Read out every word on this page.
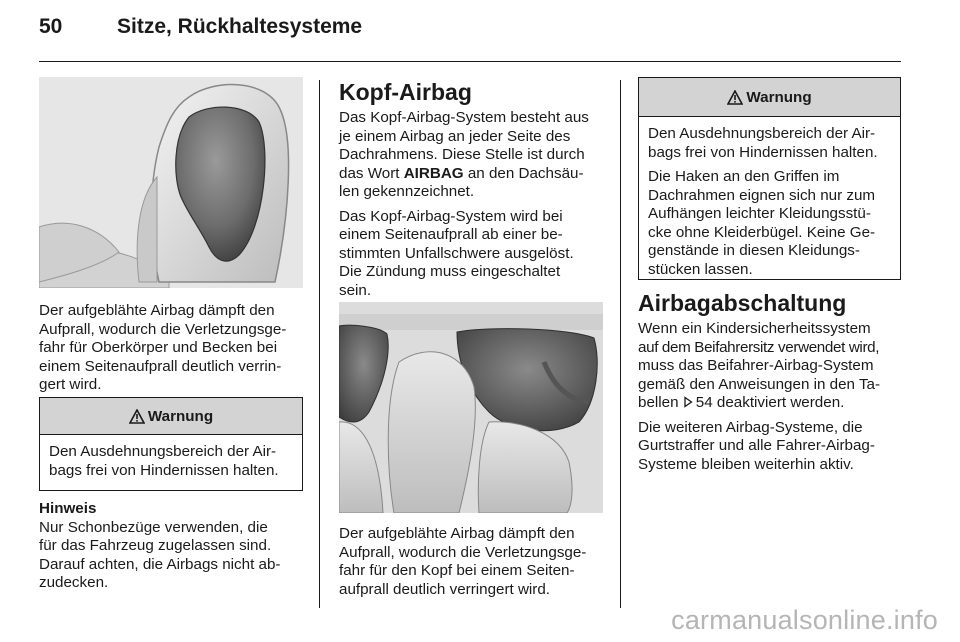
50	Sitze, Rückhaltesysteme
Der aufgeblähte Airbag dämpft den
Aufprall, wodurch die Verletzungsge-
fahr für Oberkörper und Becken bei
einem Seitenaufprall deutlich verrin-
gert wird.
Warnung
Den Ausdehnungsbereich der Air-
bags frei von Hindernissen halten.
Hinweis
Nur Schonbezüge verwenden, die
für das Fahrzeug zugelassen sind.
Darauf achten, die Airbags nicht ab-
zudecken.
Kopf-Airbag
Das Kopf-Airbag-System besteht aus
je einem Airbag an jeder Seite des
Dachrahmens. Diese Stelle ist durch
das Wort AIRBAG an den Dachsäu-
len gekennzeichnet.
Das Kopf-Airbag-System wird bei
einem Seitenaufprall ab einer be-
stimmten Unfallschwere ausgelöst.
Die Zündung muss eingeschaltet
sein.
Der aufgeblähte Airbag dämpft den
Aufprall, wodurch die Verletzungsge-
fahr für den Kopf bei einem Seiten-
aufprall deutlich verringert wird.
Warnung

Den Ausdehnungsbereich der Air-
bags frei von Hindernissen halten.

Die Haken an den Griffen im
Dachrahmen eignen sich nur zum
Aufhängen leichter Kleidungsstü-
cke ohne Kleiderbügel. Keine Ge-
genstände in diesen Kleidungs-
stücken lassen.

Airbagabschaltung
Wenn ein Kindersicherheitssystem
auf dem Beifahrersitz verwendet wird,
muss das Beifahrer-Airbag-System
gemäß den Anweisungen in den Ta-
bellen 54 deaktiviert werden.
Die weiteren Airbag-Systeme, die
Gurtstraffer und alle Fahrer-Airbag-
Systeme bleiben weiterhin aktiv.
carmanualsonline.info
